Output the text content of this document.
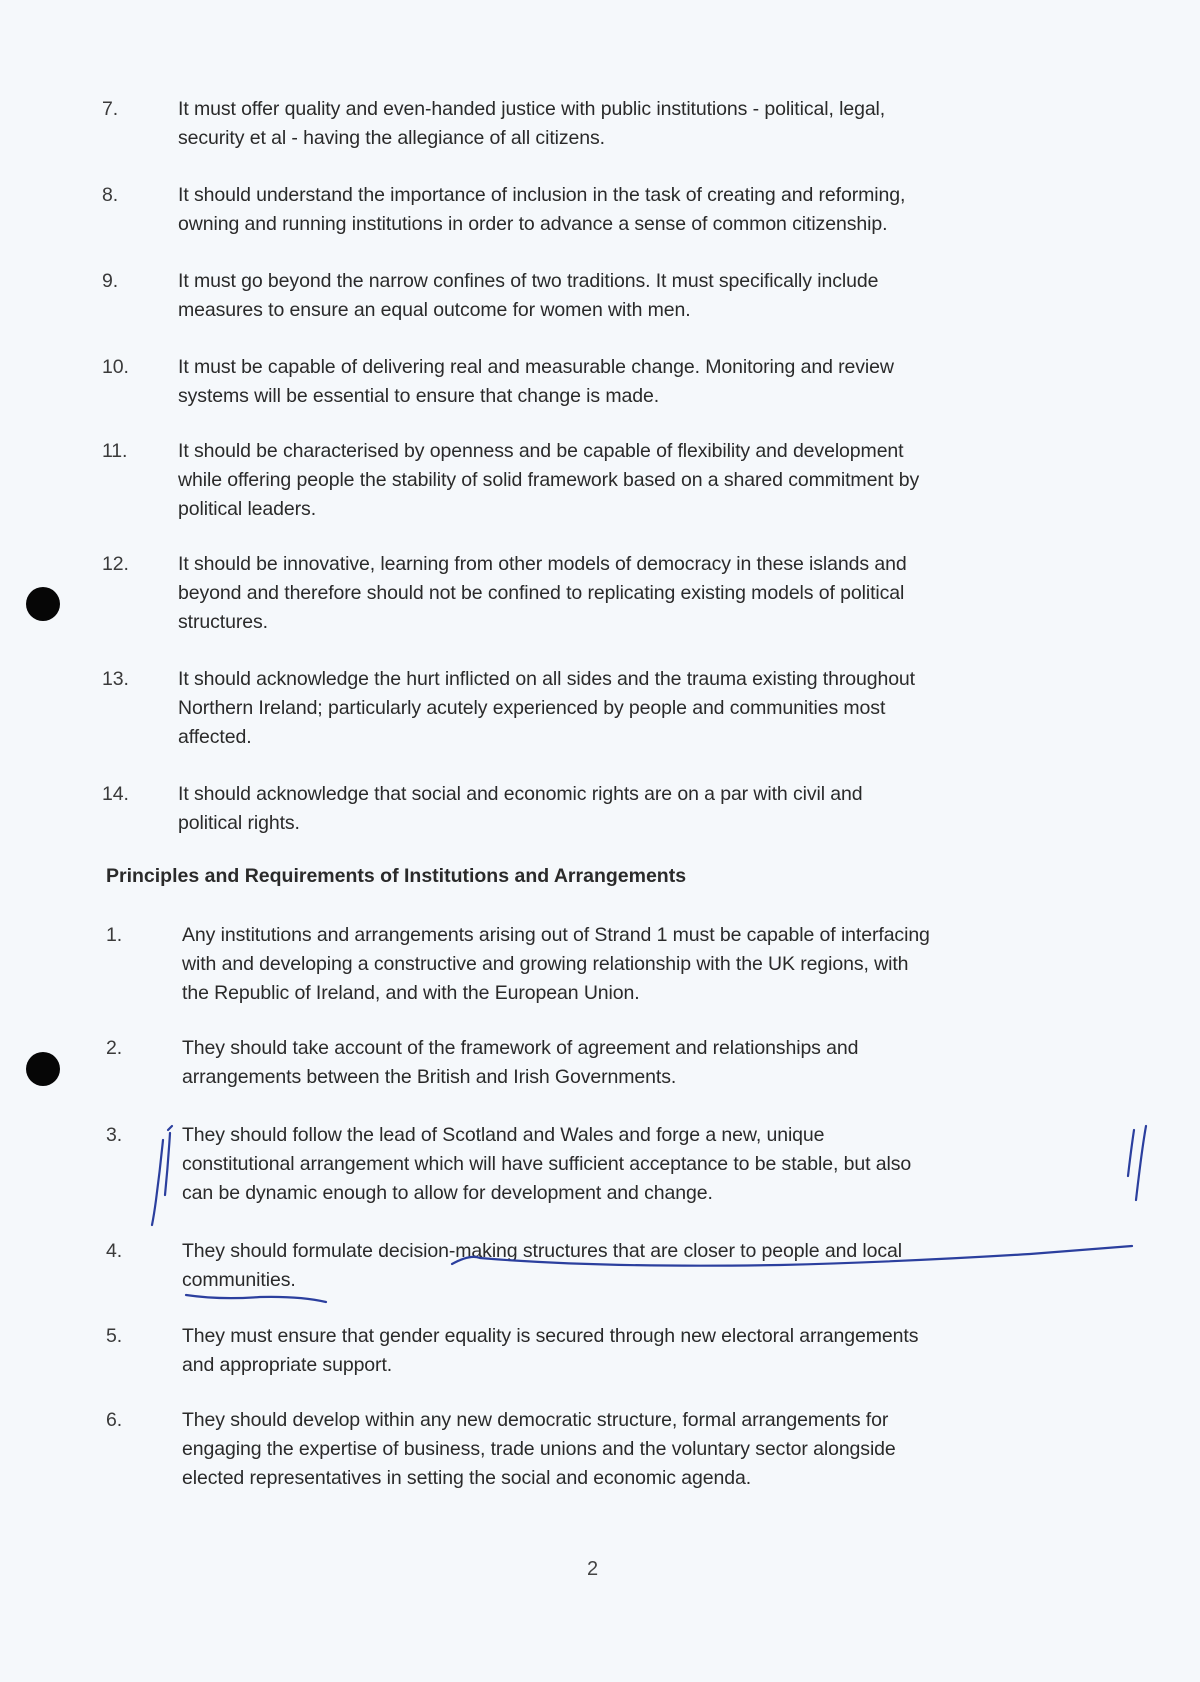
7.	It must offer quality and even-handed justice with public institutions - political, legal,
security et al - having the allegiance of all citizens.
8.	It should understand the importance of inclusion in the task of creating and reforming,
owning and running institutions in order to advance a sense of common citizenship.
9.	It must go beyond the narrow confines of two traditions. It must specifically include
measures to ensure an equal outcome for women with men.
10.	It must be capable of delivering real and measurable change. Monitoring and review
systems will be essential to ensure that change is made.
11.	It should be characterised by openness and be capable of flexibility and development
while offering people the stability of solid framework based on a shared commitment by
political leaders.
12.	It should be innovative, learning from other models of democracy in these islands and
beyond and therefore should not be confined to replicating existing models of political
structures.
13.	It should acknowledge the hurt inflicted on all sides and the trauma existing throughout
Northern Ireland; particularly acutely experienced by people and communities most
affected.
14.	It should acknowledge that social and economic rights are on a par with civil and
political rights.
Principles and Requirements of Institutions and Arrangements
1.	Any institutions and arrangements arising out of Strand 1 must be capable of interfacing
with and developing a constructive and growing relationship with the UK regions, with
the Republic of Ireland, and with the European Union.
2.	They should take account of the framework of agreement and relationships and
arrangements between the British and Irish Governments.
3.	They should follow the lead of Scotland and Wales and forge a new, unique
constitutional arrangement which will have sufficient acceptance to be stable, but also
can be dynamic enough to allow for development and change.
4.	They should formulate decision-making structures that are closer to people and local
communities.
5.	They must ensure that gender equality is secured through new electoral arrangements
and appropriate support.
6.	They should develop within any new democratic structure, formal arrangements for
engaging the expertise of business, trade unions and the voluntary sector alongside
elected representatives in setting the social and economic agenda.
2
